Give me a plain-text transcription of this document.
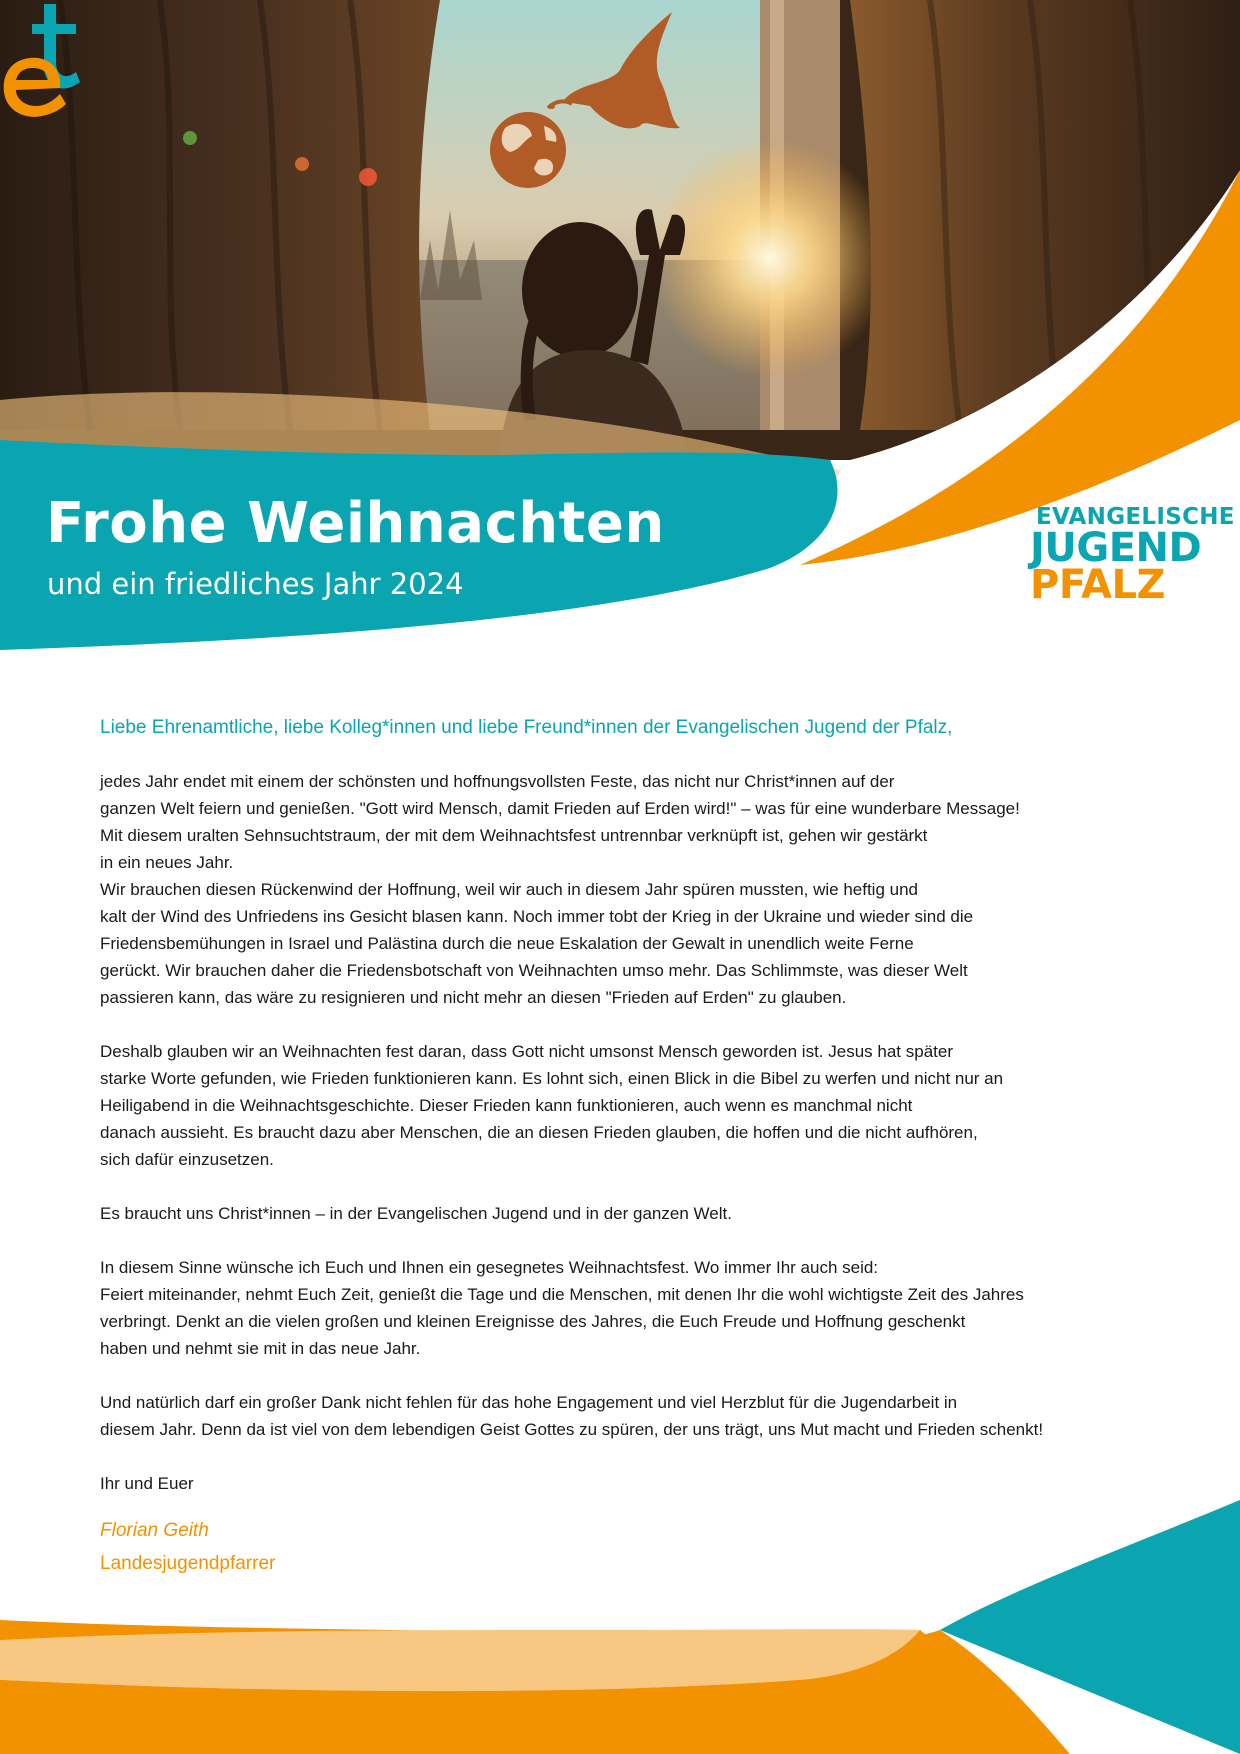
Frohe Weihnachten
und ein friedliches Jahr 2024
EVANGELISCHE
JUGEND
PFALZ
Liebe Ehrenamtliche, liebe Kolleg*innen und liebe Freund*innen der Evangelischen Jugend der Pfalz,

jedes Jahr endet mit einem der schönsten und hoffnungsvollsten Feste, das nicht nur Christ*innen auf der
ganzen Welt feiern und genießen. "Gott wird Mensch, damit Frieden auf Erden wird!" – was für eine wunderbare Message!
Mit diesem uralten Sehnsuchtstraum, der mit dem Weihnachtsfest untrennbar verknüpft ist, gehen wir gestärkt
in ein neues Jahr.
Wir brauchen diesen Rückenwind der Hoffnung, weil wir auch in diesem Jahr spüren mussten, wie heftig und
kalt der Wind des Unfriedens ins Gesicht blasen kann. Noch immer tobt der Krieg in der Ukraine und wieder sind die
Friedensbemühungen in Israel und Palästina durch die neue Eskalation der Gewalt in unendlich weite Ferne
gerückt. Wir brauchen daher die Friedensbotschaft von Weihnachten umso mehr. Das Schlimmste, was dieser Welt
passieren kann, das wäre zu resignieren und nicht mehr an diesen "Frieden auf Erden" zu glauben.

Deshalb glauben wir an Weihnachten fest daran, dass Gott nicht umsonst Mensch geworden ist. Jesus hat später
starke Worte gefunden, wie Frieden funktionieren kann. Es lohnt sich, einen Blick in die Bibel zu werfen und nicht nur an
Heiligabend in die Weihnachtsgeschichte. Dieser Frieden kann funktionieren, auch wenn es manchmal nicht
danach aussieht. Es braucht dazu aber Menschen, die an diesen Frieden glauben, die hoffen und die nicht aufhören,
sich dafür einzusetzen.

Es braucht uns Christ*innen – in der Evangelischen Jugend und in der ganzen Welt.

In diesem Sinne wünsche ich Euch und Ihnen ein gesegnetes Weihnachtsfest. Wo immer Ihr auch seid:
Feiert miteinander, nehmt Euch Zeit, genießt die Tage und die Menschen, mit denen Ihr die wohl wichtigste Zeit des Jahres
verbringt. Denkt an die vielen großen und kleinen Ereignisse des Jahres, die Euch Freude und Hoffnung geschenkt
haben und nehmt sie mit in das neue Jahr.

Und natürlich darf ein großer Dank nicht fehlen für das hohe Engagement und viel Herzblut für die Jugendarbeit in
diesem Jahr. Denn da ist viel von dem lebendigen Geist Gottes zu spüren, der uns trägt, uns Mut macht und Frieden schenkt!

Ihr und Euer

Florian Geith
Landesjugendpfarrer
